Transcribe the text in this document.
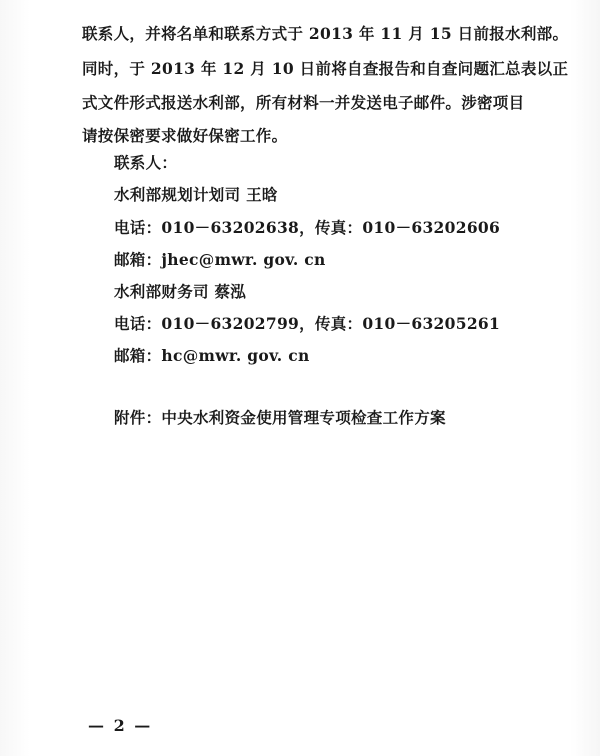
联系人，并将名单和联系方式于 2013 年 11 月 15 日前报水利部。
同时，于 2013 年 12 月 10 日前将自查报告和自查问题汇总表以正
式文件形式报送水利部，所有材料一并发送电子邮件。涉密项目
请按保密要求做好保密工作。
联系人：
水利部规划计划司 王晗
电话：010－63202638，传真：010－63202606
邮箱：jhec@mwr. gov. cn
水利部财务司 蔡泓
电话：010－63202799，传真：010－63205261
邮箱：hc@mwr. gov. cn
附件：中央水利资金使用管理专项检查工作方案
— 2 —
